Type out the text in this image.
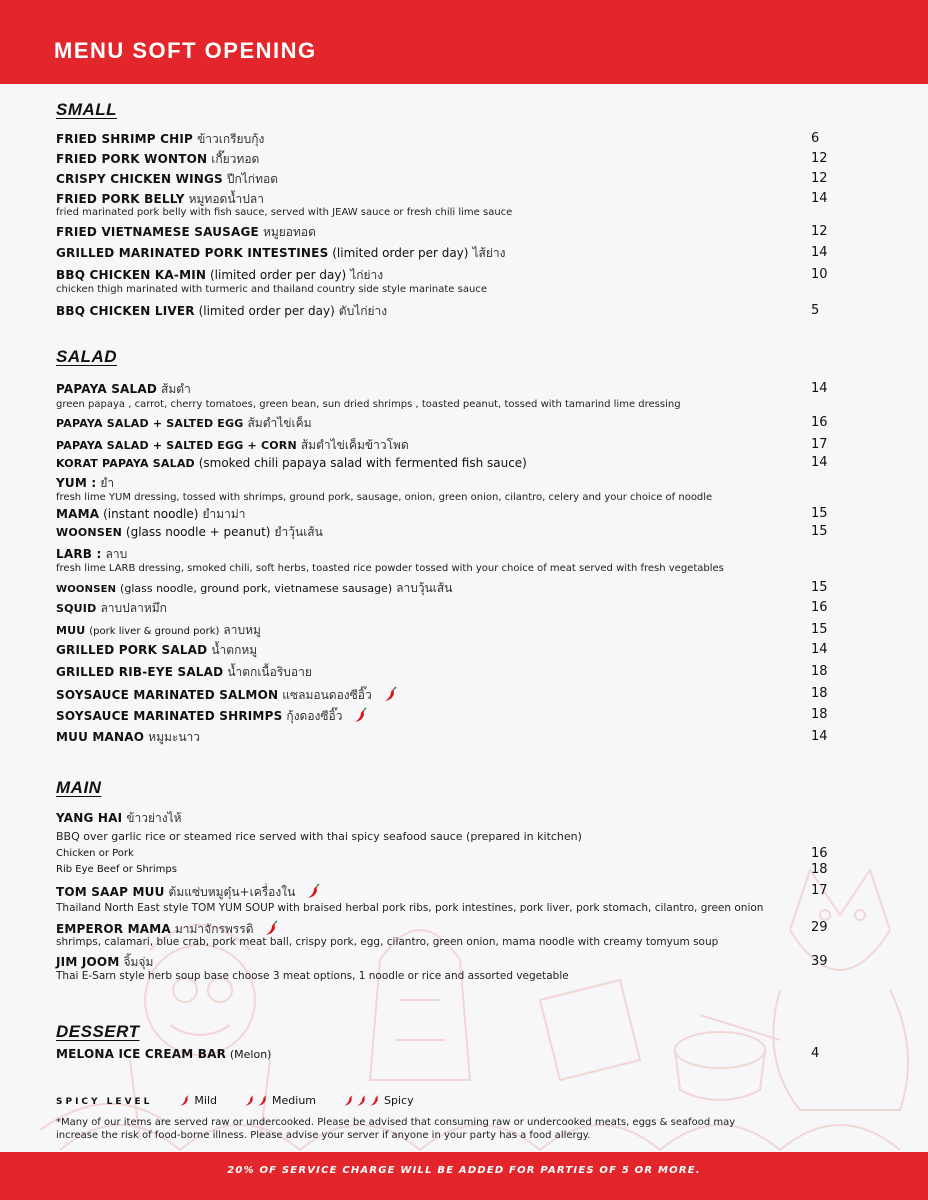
MENU SOFT OPENING
SMALL
FRIED SHRIMP CHIP ข้าวเกรียบกุ้ง	6
FRIED PORK WONTON เกี๊ยวทอด	12
CRISPY CHICKEN WINGS ปีกไก่ทอด	12
FRIED PORK BELLY หมูทอดน้ำปลา	14
fried marinated pork belly with fish sauce, served with JEAW sauce or fresh chili lime sauce
FRIED VIETNAMESE SAUSAGE หมูยอทอด	12
GRILLED MARINATED PORK INTESTINES (limited order per day) ไส้ย่าง	14
BBQ CHICKEN KA-MIN (limited order per day) ไก่ย่าง	10
chicken thigh marinated with turmeric and thailand country side style marinate sauce
BBQ CHICKEN LIVER (limited order per day) ตับไก่ย่าง	5
SALAD
PAPAYA SALAD ส้มตำ	14
green papaya , carrot, cherry tomatoes, green bean, sun dried shrimps , toasted peanut, tossed with tamarind lime dressing
PAPAYA SALAD + SALTED EGG ส้มตำไข่เค็ม	16
PAPAYA SALAD + SALTED EGG + CORN ส้มตำไข่เค็มข้าวโพด	17
KORAT PAPAYA SALAD (smoked chili papaya salad with fermented fish sauce)	14
YUM : ยำ
fresh lime YUM dressing, tossed with shrimps, ground pork, sausage, onion, green onion, cilantro, celery and your choice of noodle
MAMA (instant noodle) ยำมาม่า	15
WOONSEN (glass noodle + peanut) ยำวุ้นเส้น	15
LARB : ลาบ
fresh lime LARB dressing, smoked chili, soft herbs, toasted rice powder tossed with your choice of meat served with fresh vegetables
WOONSEN (glass noodle, ground pork, vietnamese sausage) ลาบวุ้นเส้น	15
SQUID ลาบปลาหมึก	16
MUU (pork liver & ground pork) ลาบหมู	15
GRILLED PORK SALAD น้ำตกหมู	14
GRILLED RIB-EYE SALAD น้ำตกเนื้อริบอาย	18
SOYSAUCE MARINATED SALMON แซลมอนดองซีอิ๊ว	18
SOYSAUCE MARINATED SHRIMPS กุ้งดองซีอิ๊ว	18
MUU MANAO หมูมะนาว	14
MAIN
YANG HAI ข้าวย่างไห้
BBQ over garlic rice or steamed rice served with thai spicy seafood sauce (prepared in kitchen)
Chicken or Pork	16
Rib Eye Beef or Shrimps	18
TOM SAAP MUU ต้มแซ่บหมูตุ๋น+เครื่องใน	17
Thailand North East style TOM YUM SOUP with braised herbal pork ribs, pork intestines, pork liver, pork stomach, cilantro, green onion
EMPEROR MAMA มาม่าจักรพรรดิ	29
shrimps, calamari, blue crab, pork meat ball, crispy pork, egg, cilantro, green onion, mama noodle with creamy tomyum soup
JIM JOOM จิ้มจุ่ม	39
Thai E-Sarn style herb soup base choose 3 meat options, 1 noodle or rice and assorted vegetable
DESSERT
MELONA ICE CREAM BAR (Melon)	4
SPICY LEVEL	Mild	Medium	Spicy
*Many of our items are served raw or undercooked. Please be advised that consuming raw or undercooked meats, eggs & seafood may increase the risk of food-borne illness. Please advise your server if anyone in your party has a food allergy.
20% OF SERVICE CHARGE WILL BE ADDED FOR PARTIES OF 5 OR MORE.
